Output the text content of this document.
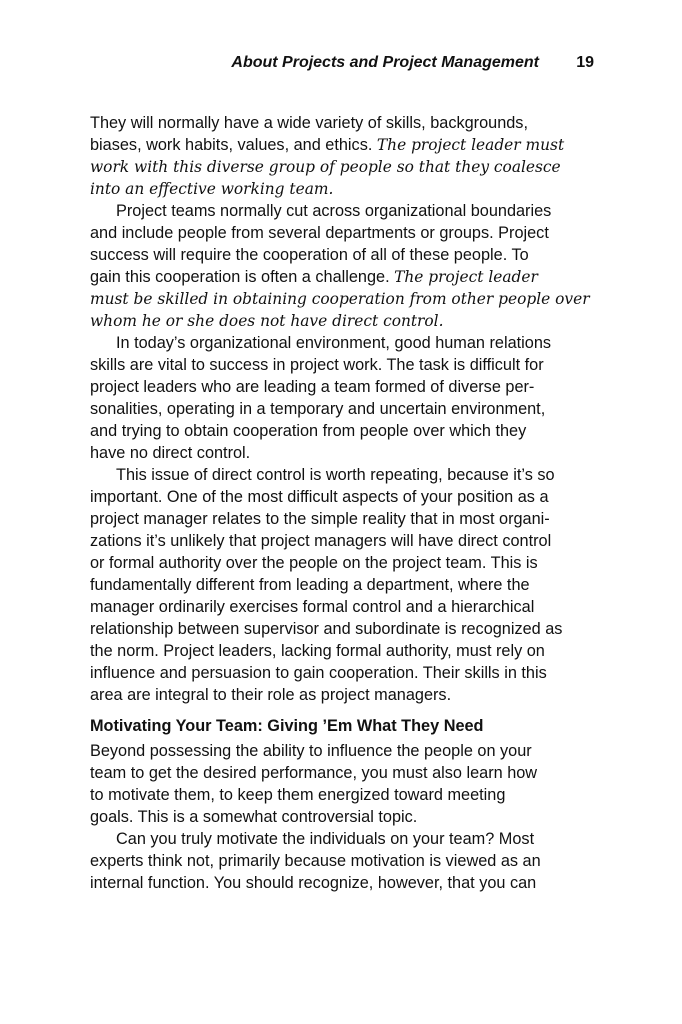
About Projects and Project Management 19
They will normally have a wide variety of skills, backgrounds,
biases, work habits, values, and ethics. The project leader must
work with this diverse group of people so that they coalesce
into an effective working team.
Project teams normally cut across organizational boundaries
and include people from several departments or groups. Project
success will require the cooperation of all of these people. To
gain this cooperation is often a challenge. The project leader
must be skilled in obtaining cooperation from other people over
whom he or she does not have direct control.
In today’s organizational environment, good human relations
skills are vital to success in project work. The task is difficult for
project leaders who are leading a team formed of diverse per-
sonalities, operating in a temporary and uncertain environment,
and trying to obtain cooperation from people over which they
have no direct control.
This issue of direct control is worth repeating, because it’s so
important. One of the most difficult aspects of your position as a
project manager relates to the simple reality that in most organi-
zations it’s unlikely that project managers will have direct control
or formal authority over the people on the project team. This is
fundamentally different from leading a department, where the
manager ordinarily exercises formal control and a hierarchical
relationship between supervisor and subordinate is recognized as
the norm. Project leaders, lacking formal authority, must rely on
influence and persuasion to gain cooperation. Their skills in this
area are integral to their role as project managers.
Motivating Your Team: Giving ’Em What They Need
Beyond possessing the ability to influence the people on your
team to get the desired performance, you must also learn how
to motivate them, to keep them energized toward meeting
goals. This is a somewhat controversial topic.
Can you truly motivate the individuals on your team? Most
experts think not, primarily because motivation is viewed as an
internal function. You should recognize, however, that you can
